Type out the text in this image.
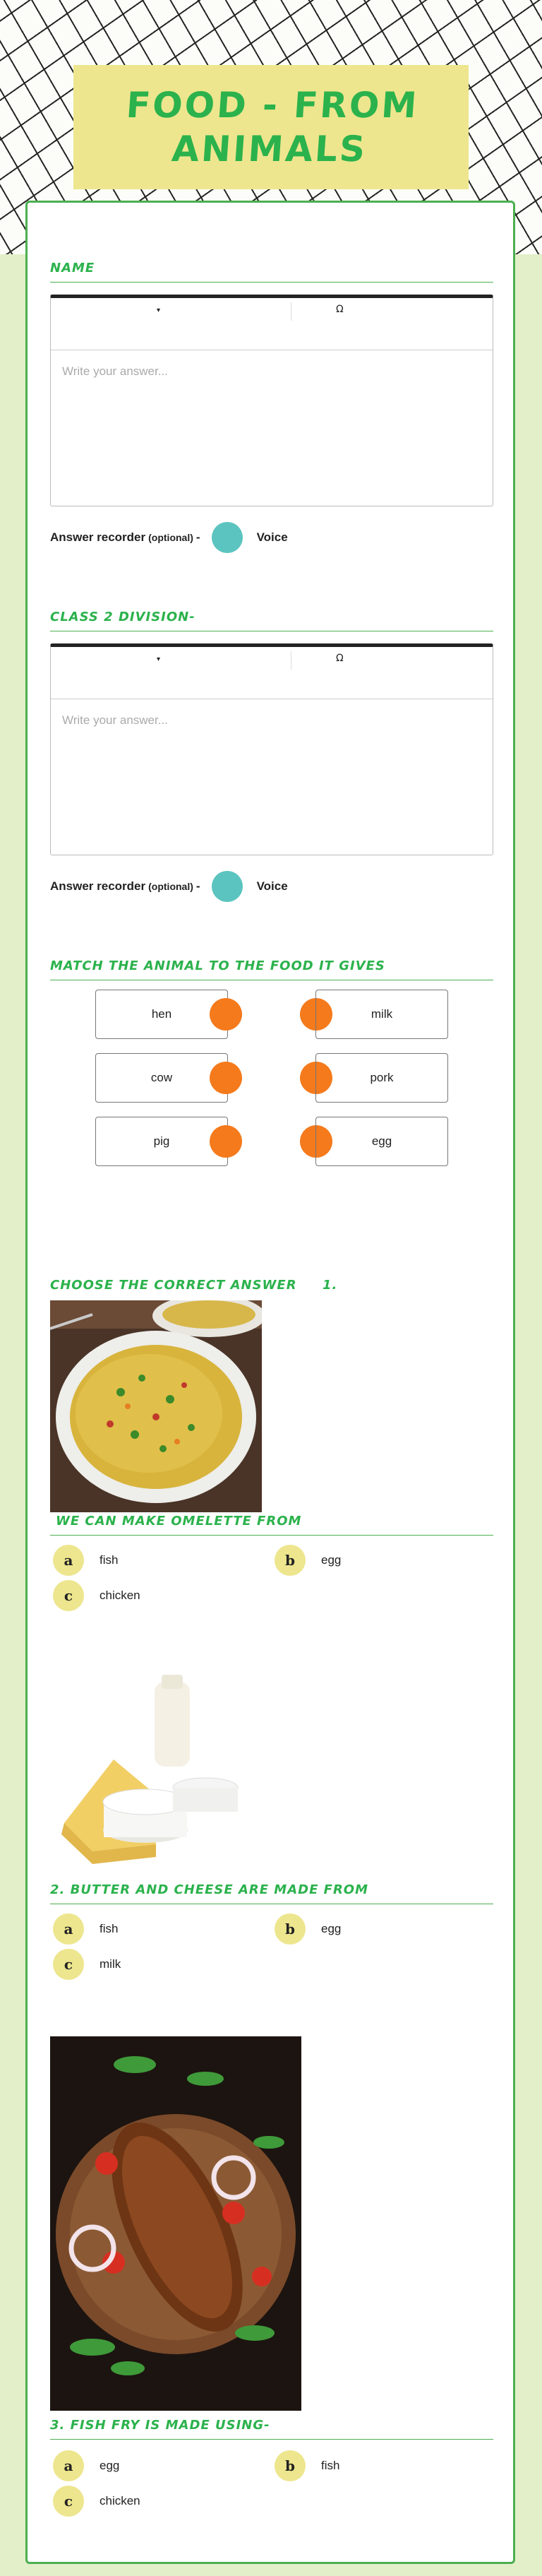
FOOD - FROM ANIMALS
NAME
▾	Ω
Write your answer...
Answer recorder (optional) -	Voice
CLASS 2 DIVISION-
▾	Ω
Write your answer...
Answer recorder (optional) -	Voice
MATCH THE ANIMAL TO THE FOOD IT GIVES
hen	milk
cow	pork
pig	egg
CHOOSE THE CORRECT ANSWER 1.
WE CAN MAKE OMELETTE FROM
a	fish	b	egg
c	chicken
2. BUTTER AND CHEESE ARE MADE FROM
a	fish	b	egg
c	milk
3. FISH FRY IS MADE USING-
a	egg	b	fish
c	chicken
